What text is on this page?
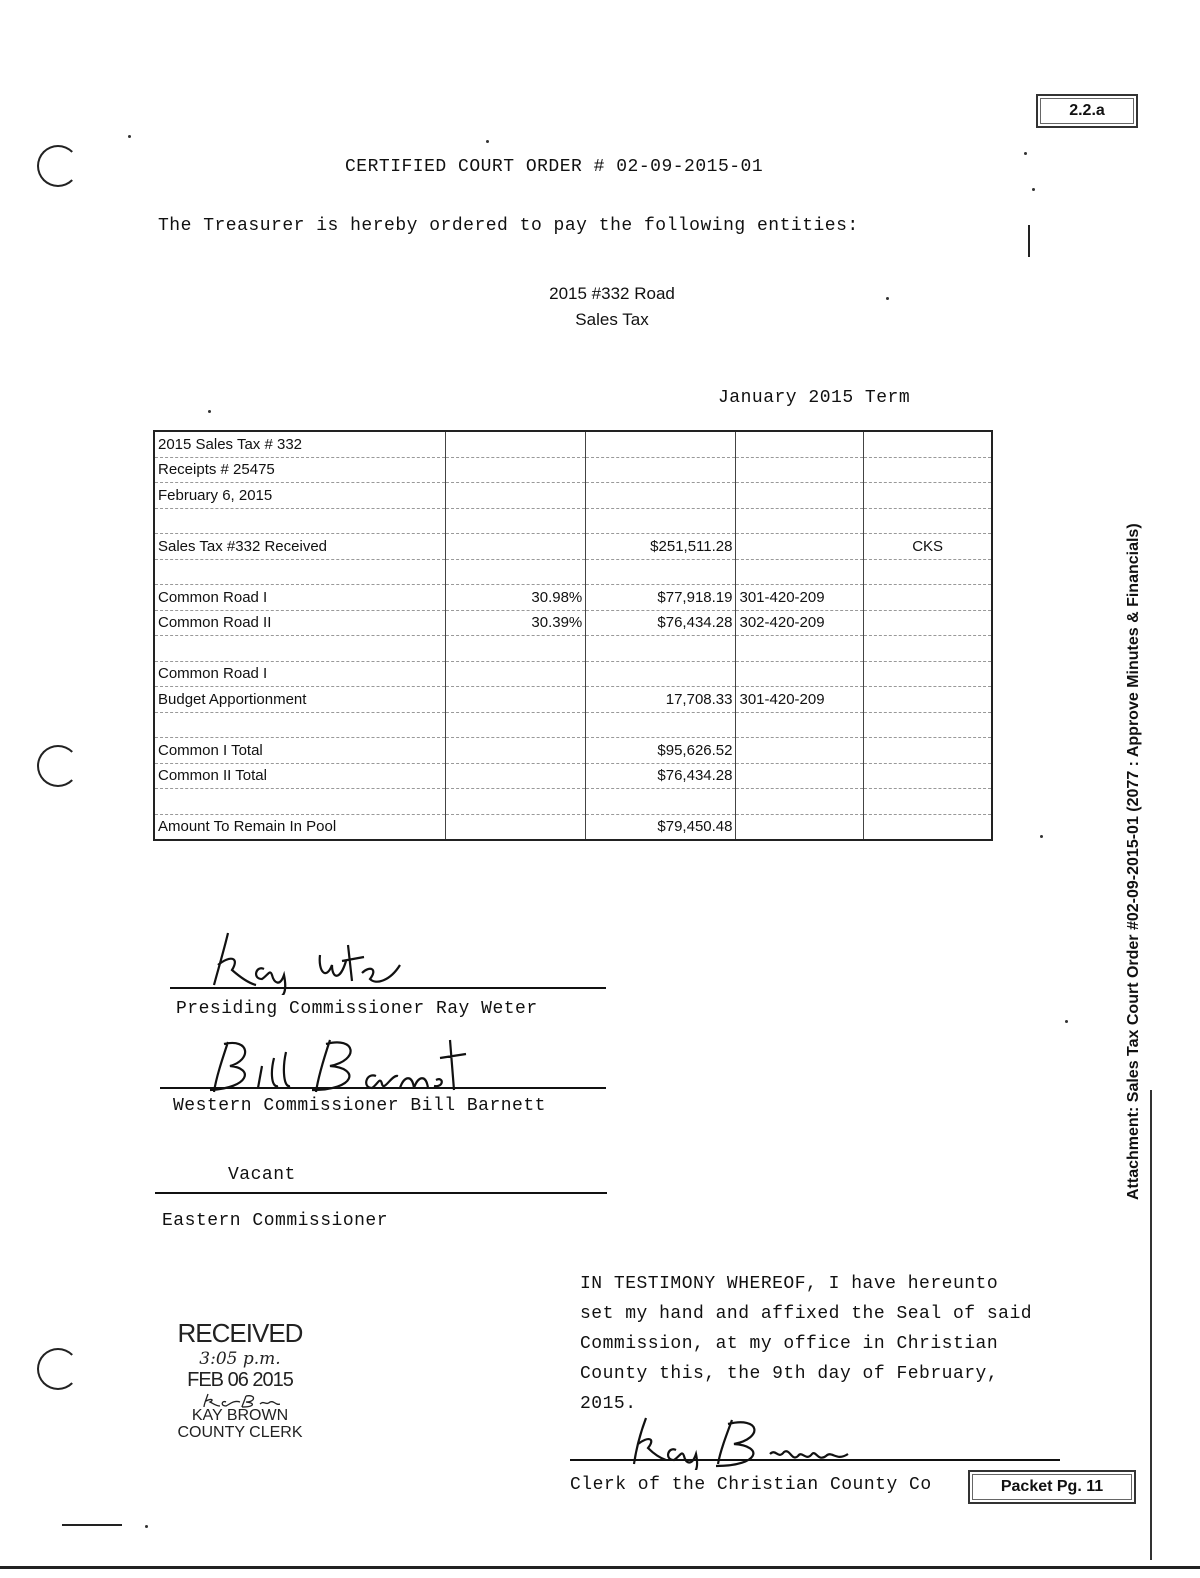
2.2.a
CERTIFIED COURT ORDER # 02-09-2015-01
The Treasurer is hereby ordered to pay the following entities:
2015 #332 Road
Sales Tax
January 2015 Term
2015 Sales Tax # 332				
Receipts # 25475				
February 6, 2015				

Sales Tax #332 Received		$251,511.28		CKS

Common Road I	30.98%	$77,918.19	301-420-209	
Common Road II	30.39%	$76,434.28	302-420-209	

Common Road I				
Budget Apportionment		17,708.33	301-420-209	

Common I Total		$95,626.52		
Common II Total		$76,434.28		

Amount To Remain In Pool		$79,450.48		
Presiding Commissioner Ray Weter
Western Commissioner Bill Barnett
Vacant
Eastern Commissioner
IN TESTIMONY WHEREOF, I have hereunto
set my hand and affixed the Seal of said
Commission, at my office in Christian
County this, the 9th day of February,
2015.
Clerk of the Christian County Co
RECEIVED
3:05 p.m.
FEB 06 2015
KAY BROWN
COUNTY CLERK
Attachment: Sales Tax Court Order #02-09-2015-01 (2077 : Approve Minutes & Financials)
Packet Pg. 11
